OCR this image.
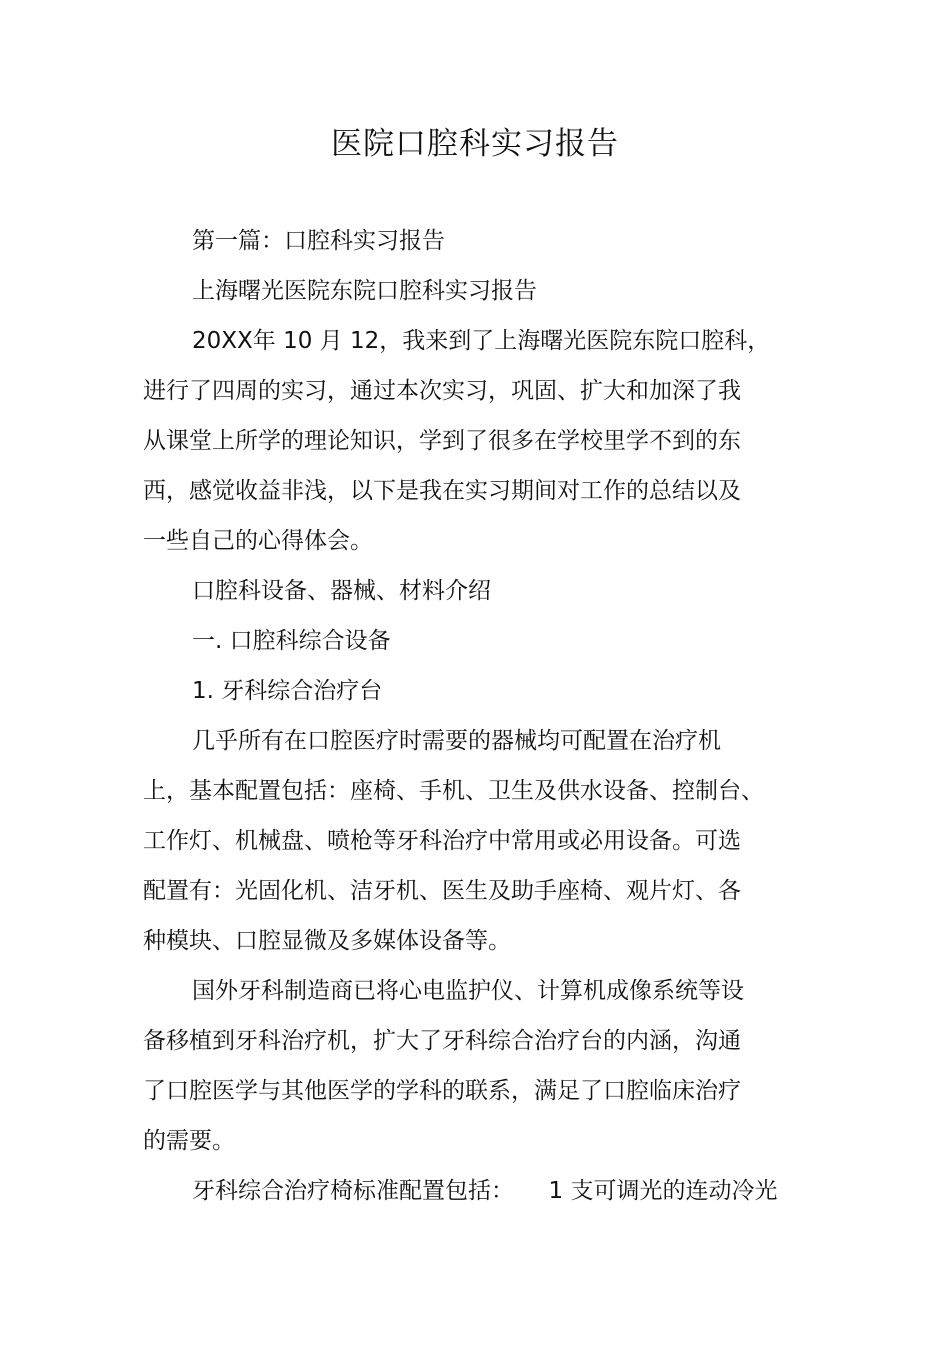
医院口腔科实习报告
第一篇：口腔科实习报告
上海曙光医院东院口腔科实习报告
20XX年 10 月 12，我来到了上海曙光医院东院口腔科，
进行了四周的实习，通过本次实习，巩固、扩大和加深了我
从课堂上所学的理论知识，学到了很多在学校里学不到的东
西，感觉收益非浅，以下是我在实习期间对工作的总结以及
一些自己的心得体会。
口腔科设备、器械、材料介绍
一. 口腔科综合设备
1. 牙科综合治疗台
几乎所有在口腔医疗时需要的器械均可配置在治疗机
上，基本配置包括：座椅、手机、卫生及供水设备、控制台、
工作灯、机械盘、喷枪等牙科治疗中常用或必用设备。可选
配置有：光固化机、洁牙机、医生及助手座椅、观片灯、各
种模块、口腔显微及多媒体设备等。
国外牙科制造商已将心电监护仪、计算机成像系统等设
备移植到牙科治疗机，扩大了牙科综合治疗台的内涵，沟通
了口腔医学与其他医学的学科的联系，满足了口腔临床治疗
的需要。
牙科综合治疗椅标准配置包括：　　1 支可调光的连动冷光
